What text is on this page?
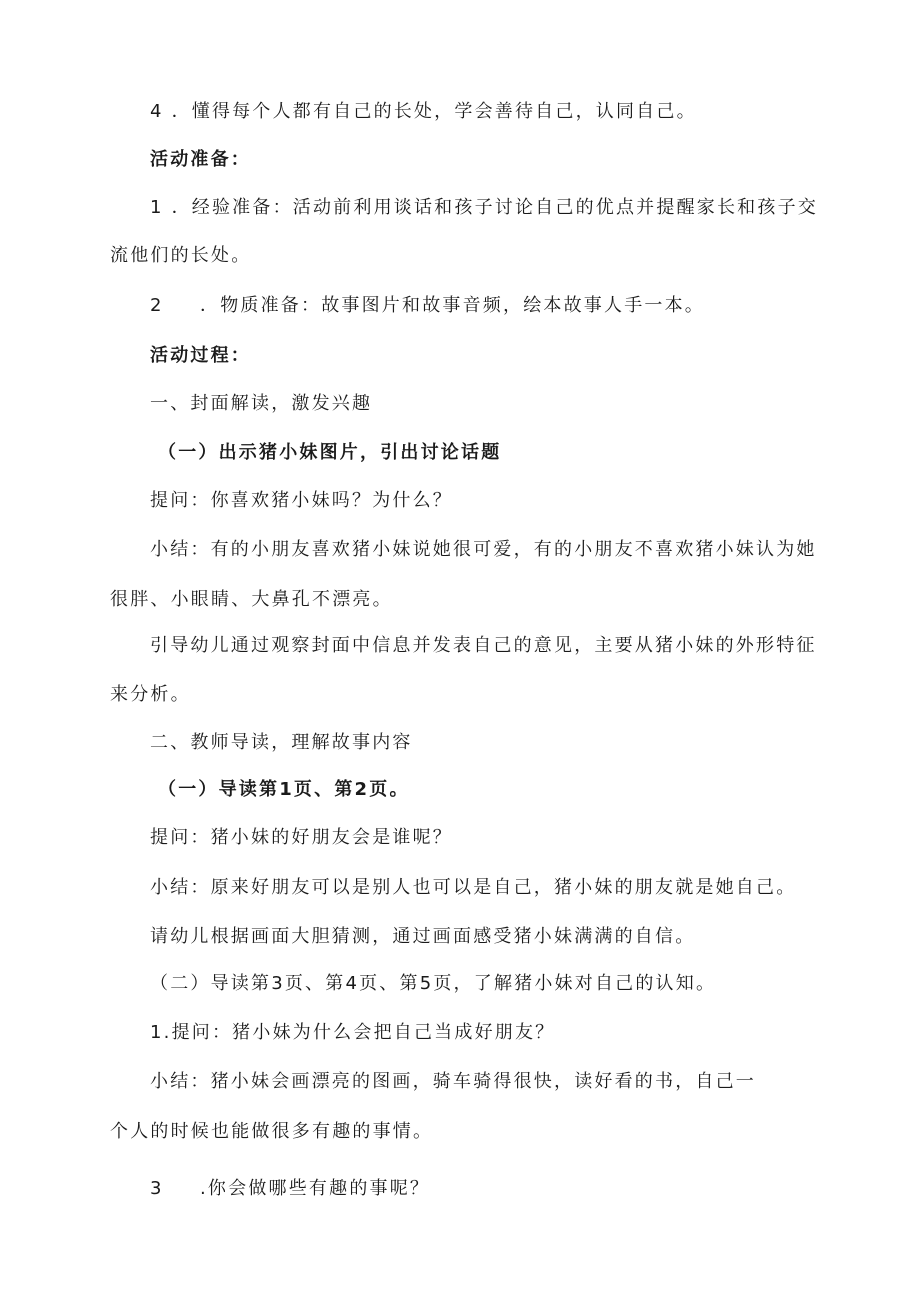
4 ．懂得每个人都有自己的长处，学会善待自己，认同自己。
活动准备：
1 ．经验准备：活动前利用谈话和孩子讨论自己的优点并提醒家长和孩子交
流他们的长处。
2 ．物质准备：故事图片和故事音频，绘本故事人手一本。
活动过程：
一、封面解读，激发兴趣
（一）出示猪小妹图片，引出讨论话题
提问：你喜欢猪小妹吗？为什么？
小结：有的小朋友喜欢猪小妹说她很可爱，有的小朋友不喜欢猪小妹认为她
很胖、小眼睛、大鼻孔不漂亮。
引导幼儿通过观察封面中信息并发表自己的意见，主要从猪小妹的外形特征
来分析。
二、教师导读，理解故事内容
（一）导读第1页、第2页。
提问：猪小妹的好朋友会是谁呢？
小结：原来好朋友可以是别人也可以是自己，猪小妹的朋友就是她自己。
请幼儿根据画面大胆猜测，通过画面感受猪小妹满满的自信。
（二）导读第3页、第4页、第5页，了解猪小妹对自己的认知。
1.提问：猪小妹为什么会把自己当成好朋友？
小结：猪小妹会画漂亮的图画，骑车骑得很快，读好看的书，自己一
个人的时候也能做很多有趣的事情。
3 .你会做哪些有趣的事呢？
